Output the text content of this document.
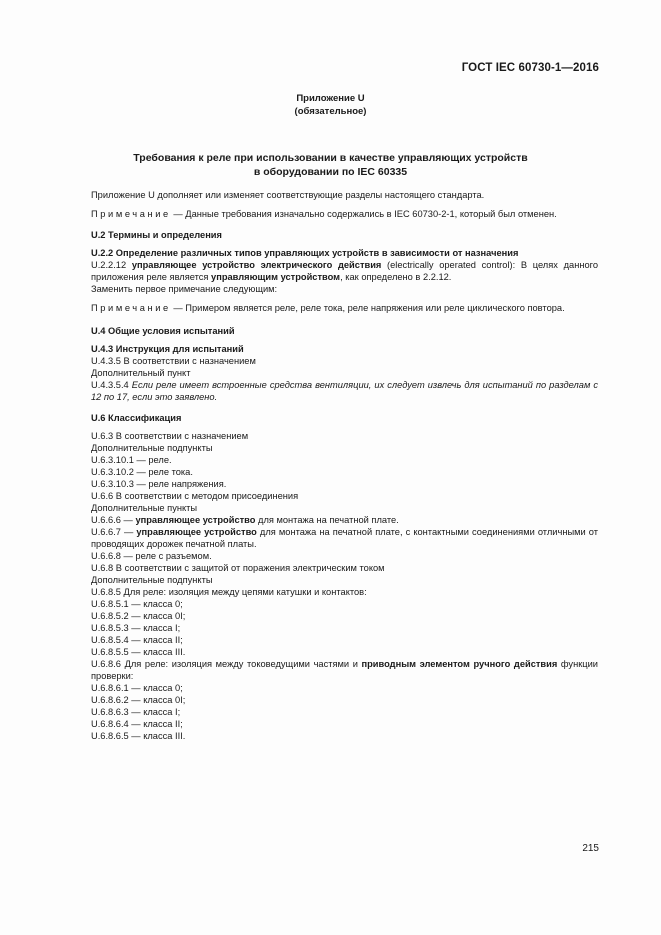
ГОСТ IEC 60730-1—2016
Приложение U
(обязательное)
Требования к реле при использовании в качестве управляющих устройств
в оборудовании по IEC 60335

Приложение U дополняет или изменяет соответствующие разделы настоящего стандарта.

Примечание — Данные требования изначально содержались в IEC 60730-2-1, который был отменен.

U.2 Термины и определения

U.2.2 Определение различных типов управляющих устройств в зависимости от назначения

U.2.2.12 управляющее устройство электрического действия (electrically operated control): В целях данного приложения реле является управляющим устройством, как определено в 2.2.12.

Заменить первое примечание следующим:

Примечание — Примером является реле, реле тока, реле напряжения или реле циклического повтора.

U.4 Общие условия испытаний

U.4.3 Инструкция для испытаний

U.4.3.5 В соответствии с назначением

Дополнительный пункт

U.4.3.5.4 Если реле имеет встроенные средства вентиляции, их следует извлечь для испытаний по разделам с 12 по 17, если это заявлено.

U.6 Классификация

U.6.3 В соответствии с назначением

Дополнительные подпункты

U.6.3.10.1 — реле.

U.6.3.10.2 — реле тока.

U.6.3.10.3 — реле напряжения.

U.6.6 В соответствии с методом присоединения

Дополнительные пункты

U.6.6.6 — управляющее устройство для монтажа на печатной плате.

U.6.6.7 — управляющее устройство для монтажа на печатной плате, с контактными соединениями отличными от проводящих дорожек печатной платы.

U.6.6.8 — реле с разъемом.

U.6.8 В соответствии с защитой от поражения электрическим током

Дополнительные подпункты

U.6.8.5 Для реле: изоляция между цепями катушки и контактов:

U.6.8.5.1 — класса 0;

U.6.8.5.2 — класса 0I;

U.6.8.5.3 — класса I;

U.6.8.5.4 — класса II;

U.6.8.5.5 — класса III.

U.6.8.6 Для реле: изоляция между токоведущими частями и приводным элементом ручного действия функции проверки:

U.6.8.6.1 — класса 0;

U.6.8.6.2 — класса 0I;

U.6.8.6.3 — класса I;

U.6.8.6.4 — класса II;

U.6.8.6.5 — класса III.

215
